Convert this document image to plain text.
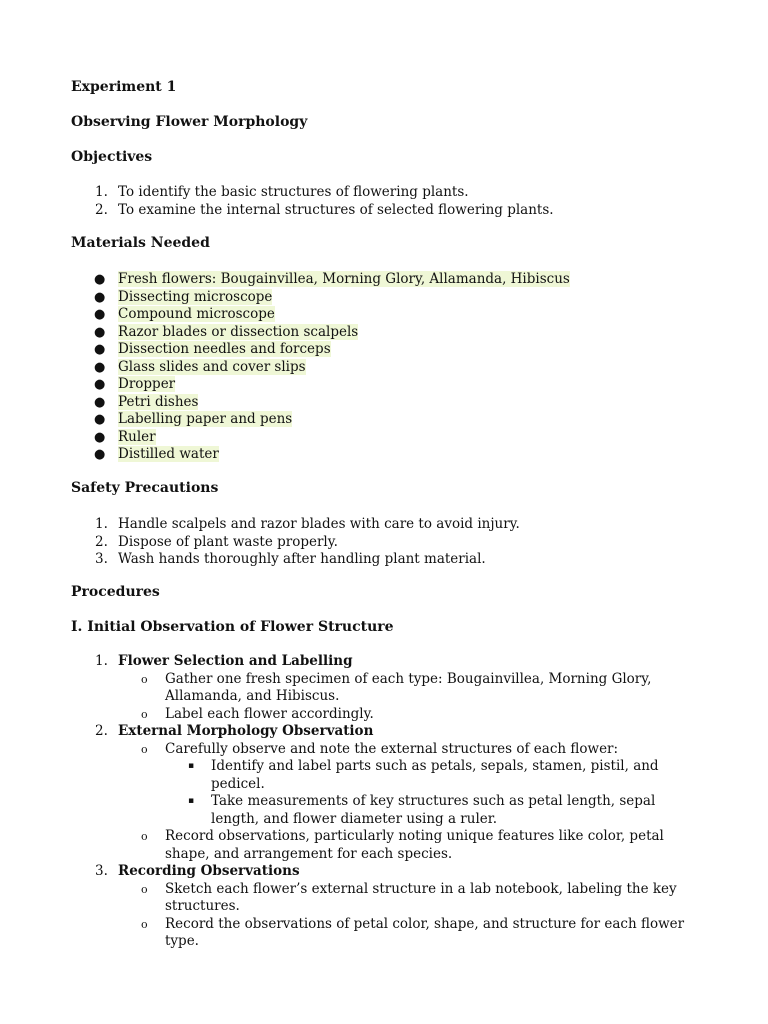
Experiment 1

Observing Flower Morphology

Objectives

1. To identify the basic structures of flowering plants.
2. To examine the internal structures of selected flowering plants.

Materials Needed

● Fresh flowers: Bougainvillea, Morning Glory, Allamanda, Hibiscus
● Dissecting microscope
● Compound microscope
● Razor blades or dissection scalpels
● Dissection needles and forceps
● Glass slides and cover slips
● Dropper
● Petri dishes
● Labelling paper and pens
● Ruler
● Distilled water

Safety Precautions

1. Handle scalpels and razor blades with care to avoid injury.
2. Dispose of plant waste properly.
3. Wash hands thoroughly after handling plant material.

Procedures

I. Initial Observation of Flower Structure

1. Flower Selection and Labelling
o Gather one fresh specimen of each type: Bougainvillea, Morning Glory, Allamanda, and Hibiscus.
o Label each flower accordingly.
2. External Morphology Observation
o Carefully observe and note the external structures of each flower:
▪ Identify and label parts such as petals, sepals, stamen, pistil, and pedicel.
▪ Take measurements of key structures such as petal length, sepal length, and flower diameter using a ruler.
o Record observations, particularly noting unique features like color, petal shape, and arrangement for each species.
3. Recording Observations
o Sketch each flower’s external structure in a lab notebook, labeling the key structures.
o Record the observations of petal color, shape, and structure for each flower type.
